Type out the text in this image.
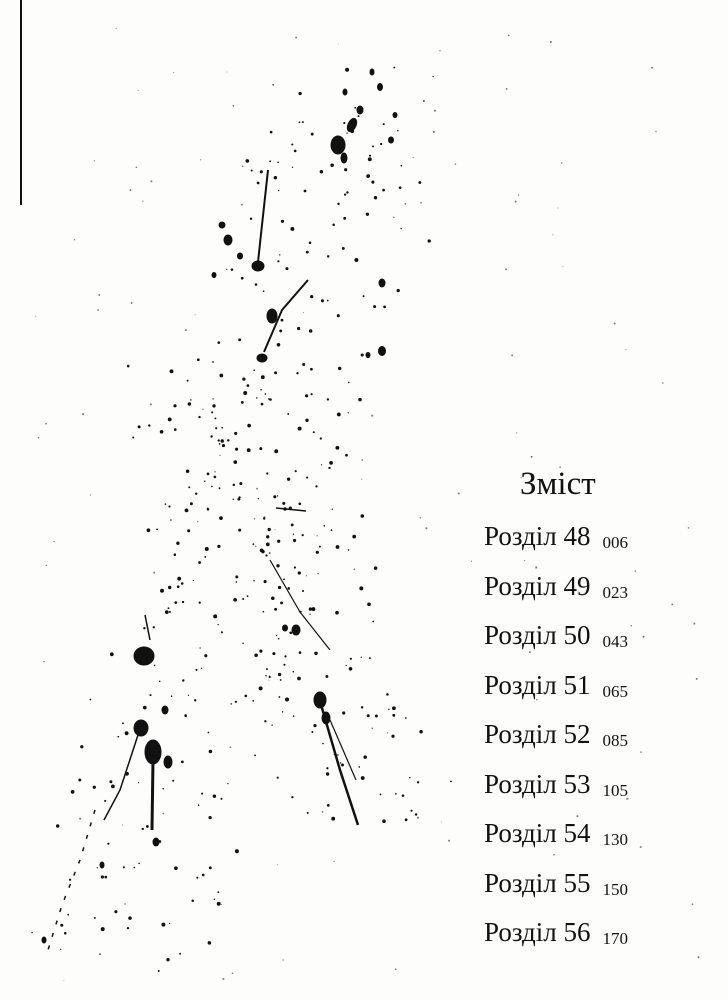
Зміст
Розділ 48 006
Розділ 49 023
Розділ 50 043
Розділ 51 065
Розділ 52 085
Розділ 53 105
Розділ 54 130
Розділ 55 150
Розділ 56 170
